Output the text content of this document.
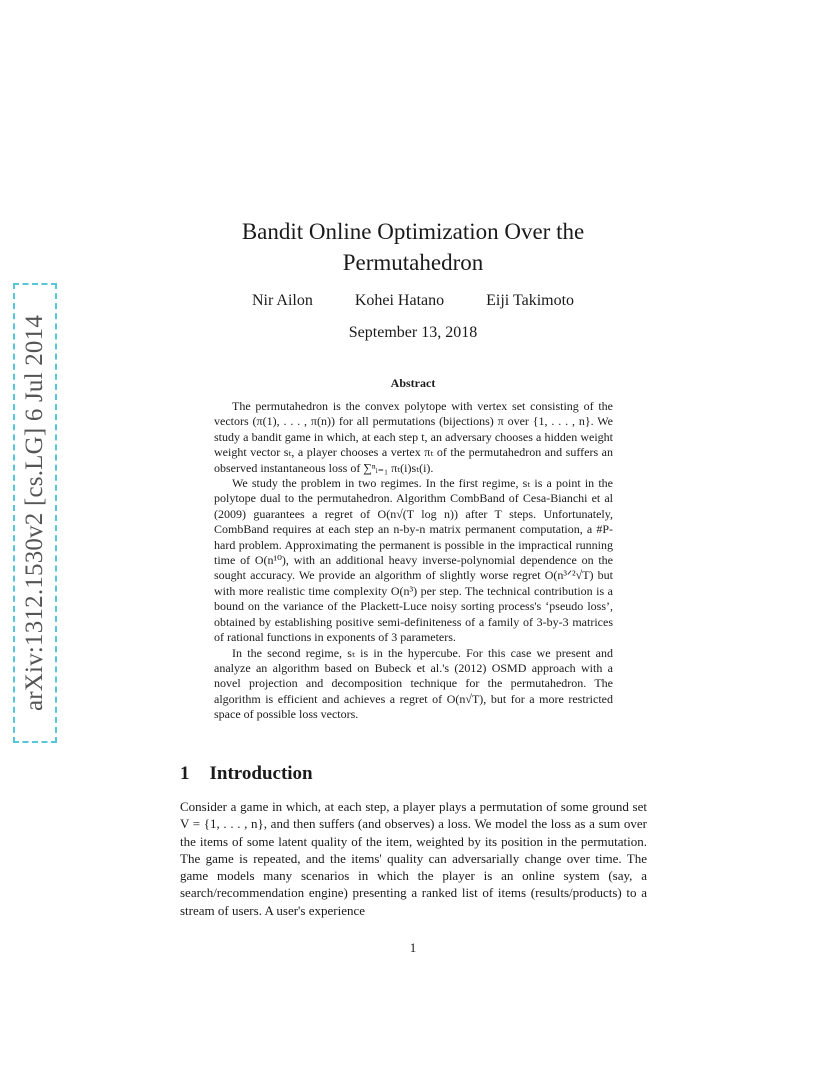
arXiv:1312.1530v2 [cs.LG] 6 Jul 2014
Bandit Online Optimization Over the
Permutahedron
Nir Ailon	Kohei Hatano	Eiji Takimoto
September 13, 2018
Abstract

The permutahedron is the convex polytope with vertex set consisting of the vectors (π(1), . . . , π(n)) for all permutations (bijections) π over {1, . . . , n}. We study a bandit game in which, at each step t, an adversary chooses a hidden weight weight vector sₜ, a player chooses a vertex πₜ of the permutahedron and suffers an observed instantaneous loss of ∑ⁿᵢ₌₁ πₜ(i)sₜ(i).

We study the problem in two regimes. In the first regime, sₜ is a point in the polytope dual to the permutahedron. Algorithm CombBand of Cesa-Bianchi et al (2009) guarantees a regret of O(n√(T log n)) after T steps. Unfortunately, CombBand requires at each step an n-by-n matrix permanent computation, a #P-hard problem. Approximating the permanent is possible in the impractical running time of O(n¹⁰), with an additional heavy inverse-polynomial dependence on the sought accuracy. We provide an algorithm of slightly worse regret O(n³ᐟ²√T) but with more realistic time complexity O(n³) per step. The technical contribution is a bound on the variance of the Plackett-Luce noisy sorting process's ‘pseudo loss’, obtained by establishing positive semi-definiteness of a family of 3-by-3 matrices of rational functions in exponents of 3 parameters.

In the second regime, sₜ is in the hypercube. For this case we present and analyze an algorithm based on Bubeck et al.'s (2012) OSMD approach with a novel projection and decomposition technique for the permutahedron. The algorithm is efficient and achieves a regret of O(n√T), but for a more restricted space of possible loss vectors.

1 Introduction

Consider a game in which, at each step, a player plays a permutation of some ground set V = {1, . . . , n}, and then suffers (and observes) a loss. We model the loss as a sum over the items of some latent quality of the item, weighted by its position in the permutation. The game is repeated, and the items' quality can adversarially change over time. The game models many scenarios in which the player is an online system (say, a search/recommendation engine) presenting a ranked list of items (results/products) to a stream of users. A user's experience

1
